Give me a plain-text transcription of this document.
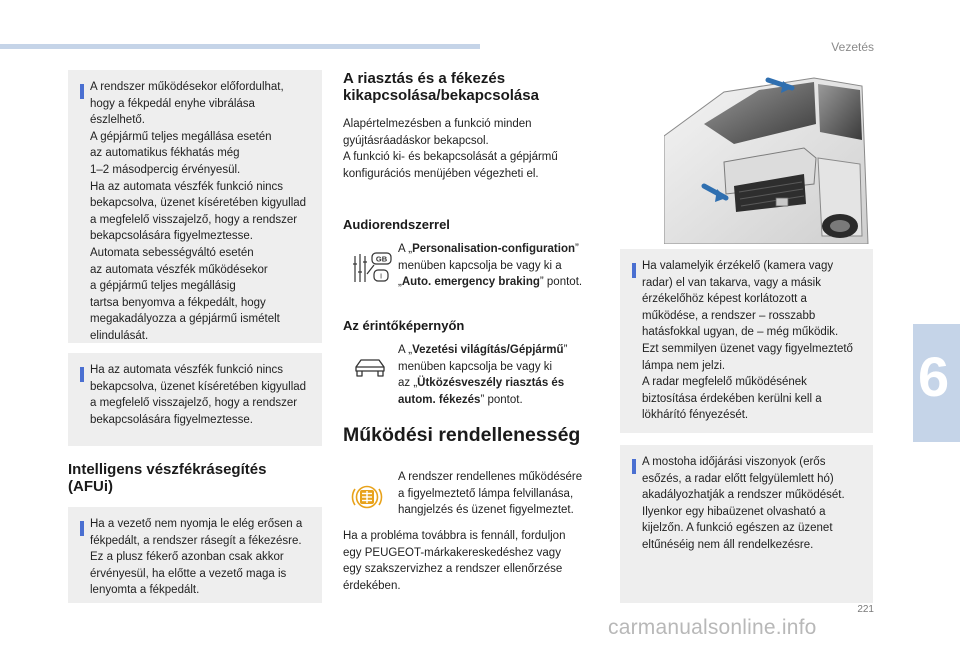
Vezetés
6
A rendszer működésekor előfordulhat,
hogy a fékpedál enyhe vibrálása
észlelhető.
A gépjármű teljes megállása esetén
az automatikus fékhatás még
1–2 másodpercig érvényesül.
Ha az automata vészfék funkció nincs
bekapcsolva, üzenet kíséretében kigyullad
a megfelelő visszajelző, hogy a rendszer
bekapcsolására figyelmeztesse.
Automata sebességváltó esetén
az automata vészfék működésekor
a gépjármű teljes megállásig
tartsa benyomva a fékpedált, hogy
megakadályozza a gépjármű ismételt
elindulását.
Ha az automata vészfék funkció nincs
bekapcsolva, üzenet kíséretében kigyullad
a megfelelő visszajelző, hogy a rendszer
bekapcsolására figyelmeztesse.
Intelligens vészfékrásegítés
(AFUi)
Ha a vezető nem nyomja le elég erősen a
fékpedált, a rendszer rásegít a fékezésre.
Ez a plusz fékerő azonban csak akkor
érvényesül, ha előtte a vezető maga is
lenyomta a fékpedált.
A riasztás és a fékezés
kikapcsolása/bekapcsolása
Alapértelmezésben a funkció minden
gyújtásráadáskor bekapcsol.
A funkció ki- és bekapcsolását a gépjármű
konfigurációs menüjében végezheti el.
Audiorendszerrel
GB
I
A „Personalisation-configuration”
menüben kapcsolja be vagy ki a
„Auto. emergency braking” pontot.
Az érintőképernyőn
A „Vezetési világítás/Gépjármű”
menüben kapcsolja be vagy ki
az „Ütközésveszély riasztás és
autom. fékezés” pontot.
Működési rendellenesség
A rendszer rendellenes működésére
a figyelmeztető lámpa felvillanása,
hangjelzés és üzenet figyelmeztet.
Ha a probléma továbbra is fennáll, forduljon
egy PEUGEOT-márkakereskedéshez vagy
egy szakszervizhez a rendszer ellenőrzése
érdekében.
Ha valamelyik érzékelő (kamera vagy
radar) el van takarva, vagy a másik
érzékelőhöz képest korlátozott a
működése, a rendszer – rosszabb
hatásfokkal ugyan, de – még működik.
Ezt semmilyen üzenet vagy figyelmeztető
lámpa nem jelzi.
A radar megfelelő működésének
biztosítása érdekében kerülni kell a
lökhárító fényezését.
A mostoha időjárási viszonyok (erős
esőzés, a radar előtt felgyülemlett hó)
akadályozhatják a rendszer működését.
Ilyenkor egy hibaüzenet olvasható a
kijelzőn. A funkció egészen az üzenet
eltűnéséig nem áll rendelkezésre.
221
carmanualsonline.info
